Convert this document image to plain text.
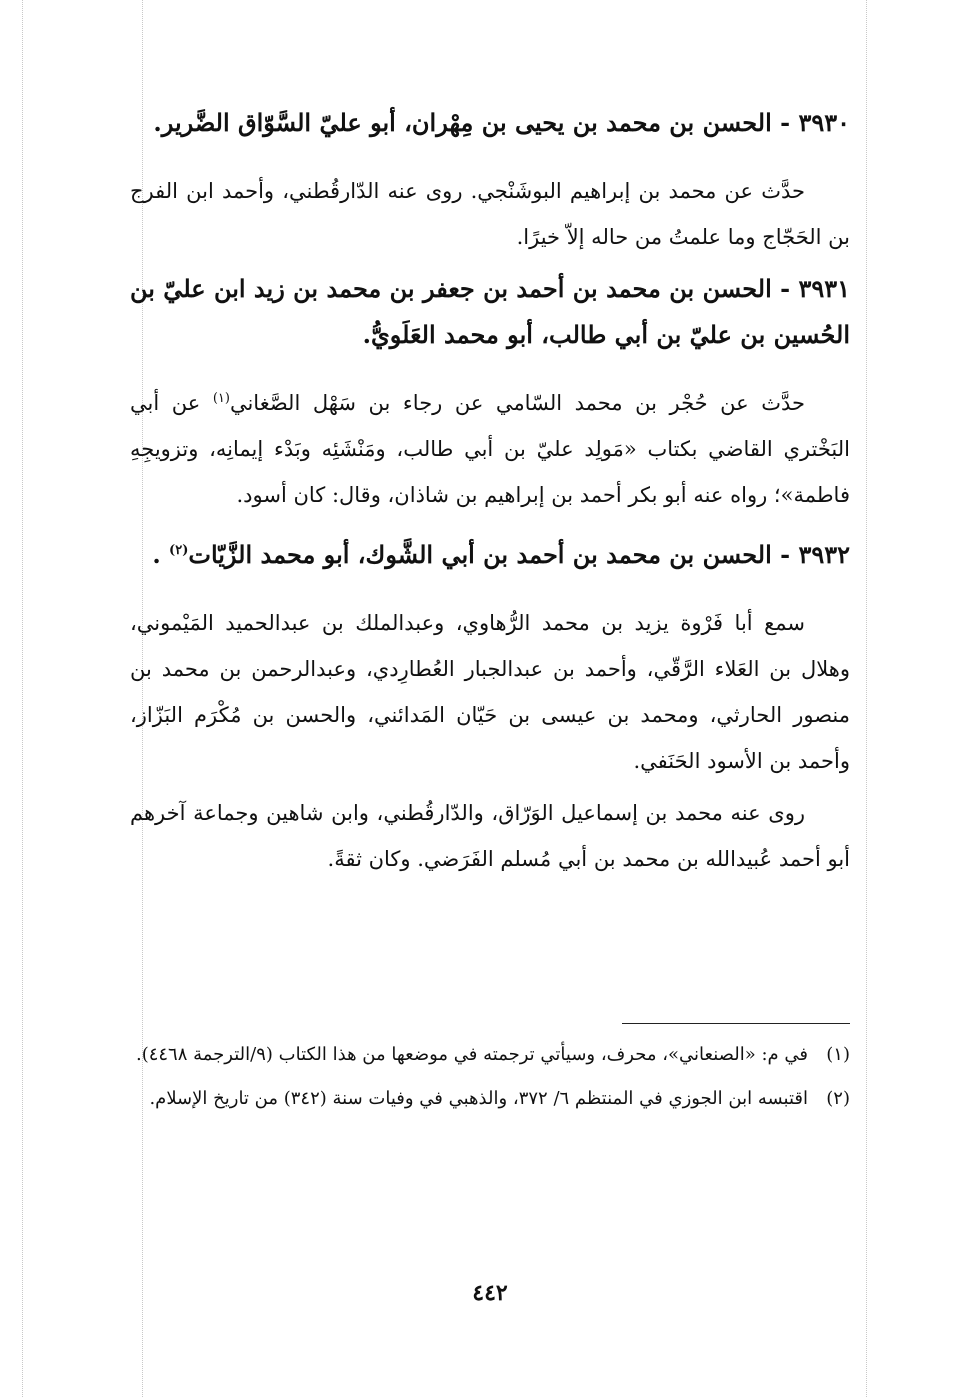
٣٩٣٠ - الحسن بن محمد بن يحيى بن مِهْران، أبو عليّ السَّوّاق الضَّرير.

حدَّث عن محمد بن إبراهيم البوشَنْجي. روى عنه الدّارقُطني، وأحمد ابن الفرج بن الحَجّاج وما علمتُ من حاله إلاّ خيرًا.

٣٩٣١ - الحسن بن محمد بن أحمد بن جعفر بن محمد بن زيد ابن عليّ بن الحُسين بن عليّ بن أبي طالب، أبو محمد العَلَويُّ.

حدَّث عن حُجْر بن محمد السّامي عن رجاء بن سَهْل الصَّغاني$^{(١)}$ عن أبي البَخْتري القاضي بكتاب «مَولِد عليّ بن أبي طالب، ومَنْشَئِه وبَدْء إيمانِه، وتزويجِهِ فاطمة»؛ رواه عنه أبو بكر أحمد بن إبراهيم بن شاذان، وقال: كان أسود.

٣٩٣٢ - الحسن بن محمد بن أحمد بن أبي الشَّوك، أبو محمد الزَّيّات$^{(٢)}$ .

سمع أبا فَرْوة يزيد بن محمد الرُّهاوي، وعبدالملك بن عبدالحميد المَيْموني، وهلال بن العَلاء الرَّقّي، وأحمد بن عبدالجبار العُطارِدي، وعبدالرحمن بن محمد بن منصور الحارثي، ومحمد بن عيسى بن حَيّان المَدائني، والحسن بن مُكْرَم البَزّاز، وأحمد بن الأسود الحَنَفي.

روى عنه محمد بن إسماعيل الوَرّاق، والدّارقُطني، وابن شاهين وجماعة آخرهم أبو أحمد عُبيدالله بن محمد بن أبي مُسلم الفَرَضي. وكان ثقةً.

(١)
في م: «الصنعاني»، محرف، وسيأتي ترجمته في موضعها من هذا الكتاب (٩/الترجمة ٤٤٦٨).
(٢)
اقتبسه ابن الجوزي في المنتظم ٦/ ٣٧٢، والذهبي في وفيات سنة (٣٤٢) من تاريخ الإسلام.
٤٤٢
